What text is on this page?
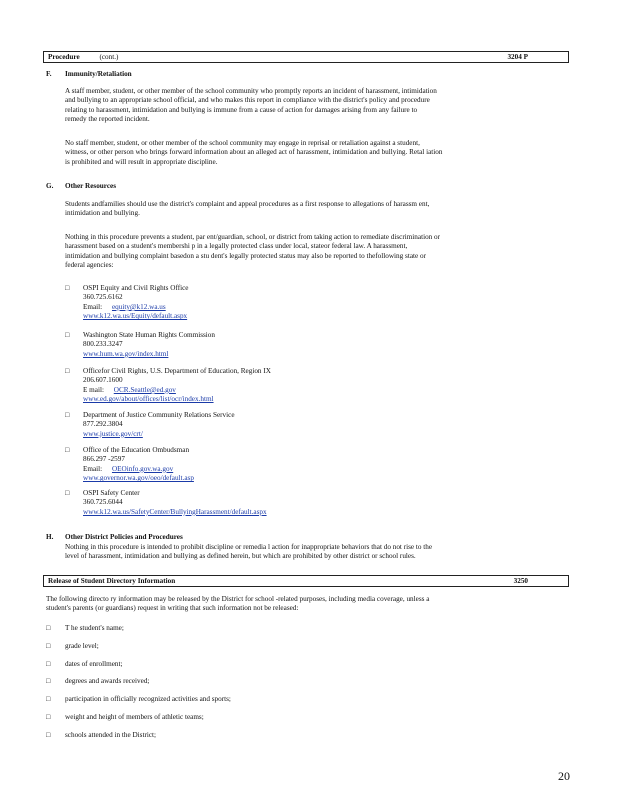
Procedure	(cont.)	3204 P
F. Immunity/Retaliation

A staff member, student, or other member of the school community who promptly reports an incident of harassment, intimidation

and bullying to an appropriate school official, and who makes this report in compliance with the district's policy and procedure

relating to harassment, intimidation and bullying is immune from a cause of action for damages arising from any failure to

remedy the reported incident.

No staff member, student, or other member of the school community may engage in reprisal or retaliation against a student,

witness, or other person who brings forward information about an alleged act of harassment, intimidation and bullying. Retal iation

is prohibited and will result in appropriate discipline.

G. Other Resources

Students andfamilies should use the district's complaint and appeal procedures as a first response to allegations of harassm ent,

intimidation and bullying.

Nothing in this procedure prevents a student, par ent/guardian, school, or district from taking action to remediate discrimination or

harassment based on a student's membershi p in a legally protected class under local, stateor federal law. A harassment,

intimidation and bullying complaint basedon a stu dent's legally protected status may also be reported to thefollowing state or

federal agencies:

□ OSPI Equity and Civil Rights Office
360.725.6162
Email: equity@k12.wa.us
www.k12.wa.us/Equity/default.aspx
□ Washington State Human Rights Commission
800.233.3247
www.hum.wa.gov/index.html
□ Officefor Civil Rights, U.S. Department of Education, Region IX
206.607.1600
E mail: OCR.Seattle@ed.gov
www.ed.gov/about/offices/list/ocr/index.html
□ Department of Justice Community Relations Service
877.292.3804
www.justice.gov/crt/
□ Office of the Education Ombudsman
866.297 -2597
Email: OEOinfo.gov.wa.gov
www.governor.wa.gov/oeo/default.asp
□ OSPI Safety Center
360.725.6044
www.k12.wa.us/SafetyCenter/BullyingHarassment/default.aspx
H. Other District Policies and Procedures

Nothing in this procedure is intended to prohibit discipline or remedia l action for inappropriate behaviors that do not rise to the

level of harassment, intimidation and bullying as defined herein, but which are prohibited by other district or school rules.

Release of Student Directory Information	3250

The following directo ry information may be released by the District for school -related purposes, including media coverage, unless a

student's parents (or guardians) request in writing that such information not be released:

□ T he student's name;
□ grade level;
□ dates of enrollment;
□ degrees and awards received;
□ participation in officially recognized activities and sports;
□ weight and height of members of athletic teams;
□ schools attended in the District;
20
